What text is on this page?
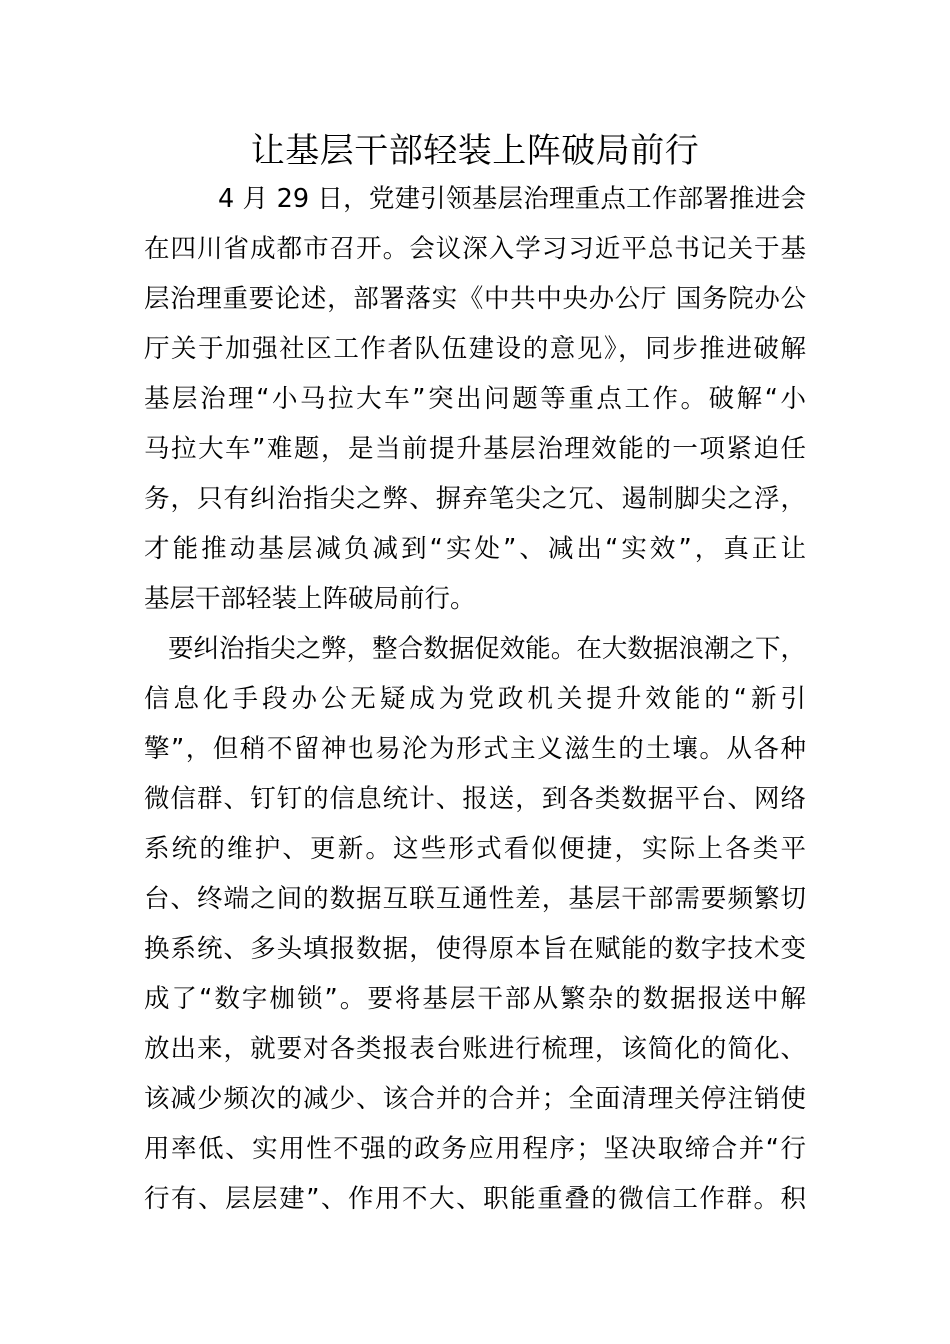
让基层干部轻装上阵破局前行
4 月 29 日，党建引领基层治理重点工作部署推进会
在四川省成都市召开。会议深入学习习近平总书记关于基
层治理重要论述，部署落实《中共中央办公厅 国务院办公
厅关于加强社区工作者队伍建设的意见》，同步推进破解
基层治理“小马拉大车”突出问题等重点工作。破解“小
马拉大车”难题，是当前提升基层治理效能的一项紧迫任
务，只有纠治指尖之弊、摒弃笔尖之冗、遏制脚尖之浮，
才能推动基层减负减到“实处”、减出“实效”，真正让
基层干部轻装上阵破局前行。
要纠治指尖之弊，整合数据促效能。在大数据浪潮之下，
信息化手段办公无疑成为党政机关提升效能的“新引
擎”，但稍不留神也易沦为形式主义滋生的土壤。从各种
微信群、钉钉的信息统计、报送，到各类数据平台、网络
系统的维护、更新。这些形式看似便捷，实际上各类平
台、终端之间的数据互联互通性差，基层干部需要频繁切
换系统、多头填报数据，使得原本旨在赋能的数字技术变
成了“数字枷锁”。要将基层干部从繁杂的数据报送中解
放出来，就要对各类报表台账进行梳理，该简化的简化、
该减少频次的减少、该合并的合并；全面清理关停注销使
用率低、实用性不强的政务应用程序；坚决取缔合并“行
行有、层层建”、作用不大、职能重叠的微信工作群。积
